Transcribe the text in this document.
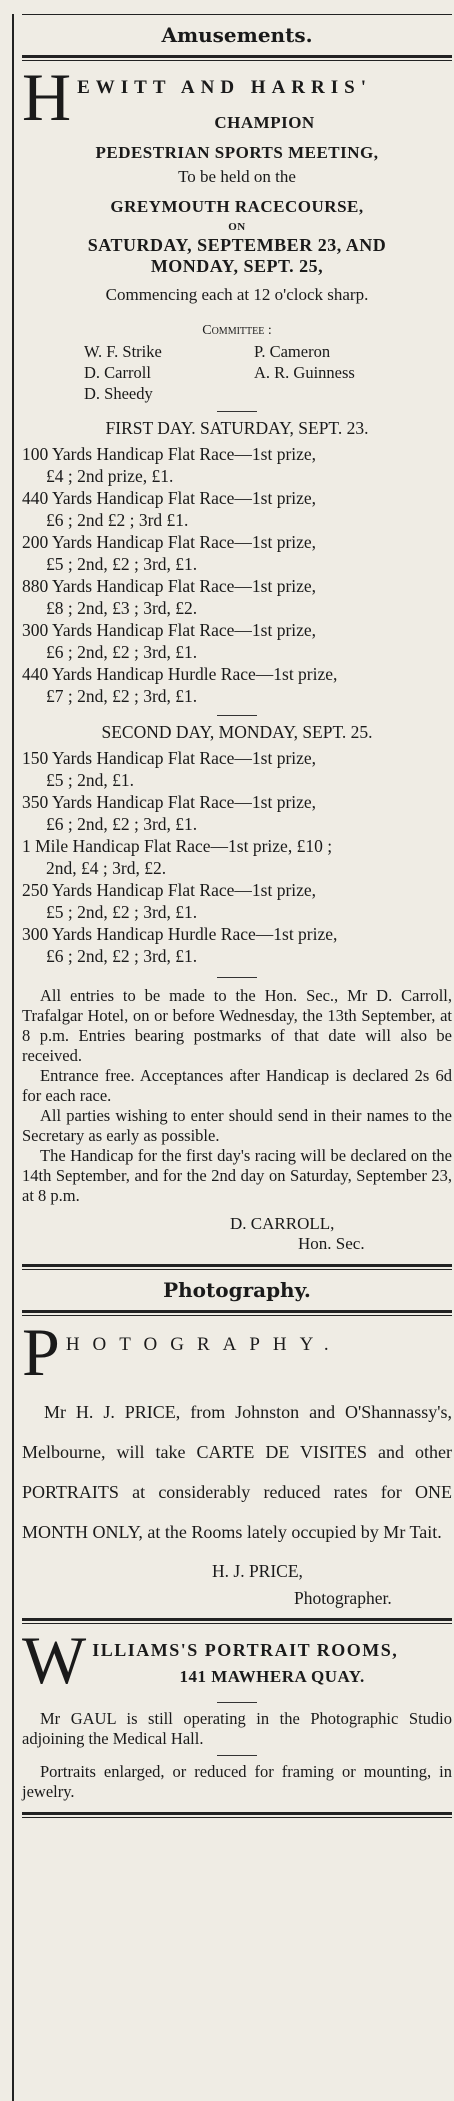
Amusements.
H EWITT AND HARRIS'
CHAMPION
PEDESTRIAN SPORTS MEETING,
To be held on the
GREYMOUTH RACECOURSE,
ON
SATURDAY, SEPTEMBER 23, AND
MONDAY, SEPT. 25,
Commencing each at 12 o'clock sharp.
Committee :
W. F. Strike	P. Cameron
D. Carroll	A. R. Guinness
D. Sheedy
FIRST DAY. SATURDAY, SEPT. 23.
100 Yards Handicap Flat Race—1st prize,
£4 ; 2nd prize, £1.
440 Yards Handicap Flat Race—1st prize,
£6 ; 2nd £2 ; 3rd £1.
200 Yards Handicap Flat Race—1st prize,
£5 ; 2nd, £2 ; 3rd, £1.
880 Yards Handicap Flat Race—1st prize,
£8 ; 2nd, £3 ; 3rd, £2.
300 Yards Handicap Flat Race—1st prize,
£6 ; 2nd, £2 ; 3rd, £1.
440 Yards Handicap Hurdle Race—1st prize,
£7 ; 2nd, £2 ; 3rd, £1.
SECOND DAY, MONDAY, SEPT. 25.
150 Yards Handicap Flat Race—1st prize,
£5 ; 2nd, £1.
350 Yards Handicap Flat Race—1st prize,
£6 ; 2nd, £2 ; 3rd, £1.
1 Mile Handicap Flat Race—1st prize, £10 ;
2nd, £4 ; 3rd, £2.
250 Yards Handicap Flat Race—1st prize,
£5 ; 2nd, £2 ; 3rd, £1.
300 Yards Handicap Hurdle Race—1st prize,
£6 ; 2nd, £2 ; 3rd, £1.

All entries to be made to the Hon. Sec., Mr D. Carroll, Trafalgar Hotel, on or before Wednesday, the 13th September, at 8 p.m. Entries bearing postmarks of that date will also be received.

Entrance free. Acceptances after Handicap is declared 2s 6d for each race.

All parties wishing to enter should send in their names to the Secretary as early as possible.

The Handicap for the first day's racing will be declared on the 14th September, and for the 2nd day on Saturday, September 23, at 8 p.m.

D. CARROLL,
Hon. Sec.
Photography.
P HOTOGRAPHY.

Mr H. J. PRICE, from Johnston and O'Shannassy's, Melbourne, will take CARTE DE VISITES and other PORTRAITS at considerably reduced rates for ONE MONTH ONLY, at the Rooms lately occupied by Mr Tait.

H. J. PRICE,
Photographer.
W ILLIAMS'S PORTRAIT ROOMS,
141 MAWHERA QUAY.

Mr GAUL is still operating in the Photographic Studio adjoining the Medical Hall.

Portraits enlarged, or reduced for framing or mounting, in jewelry.
